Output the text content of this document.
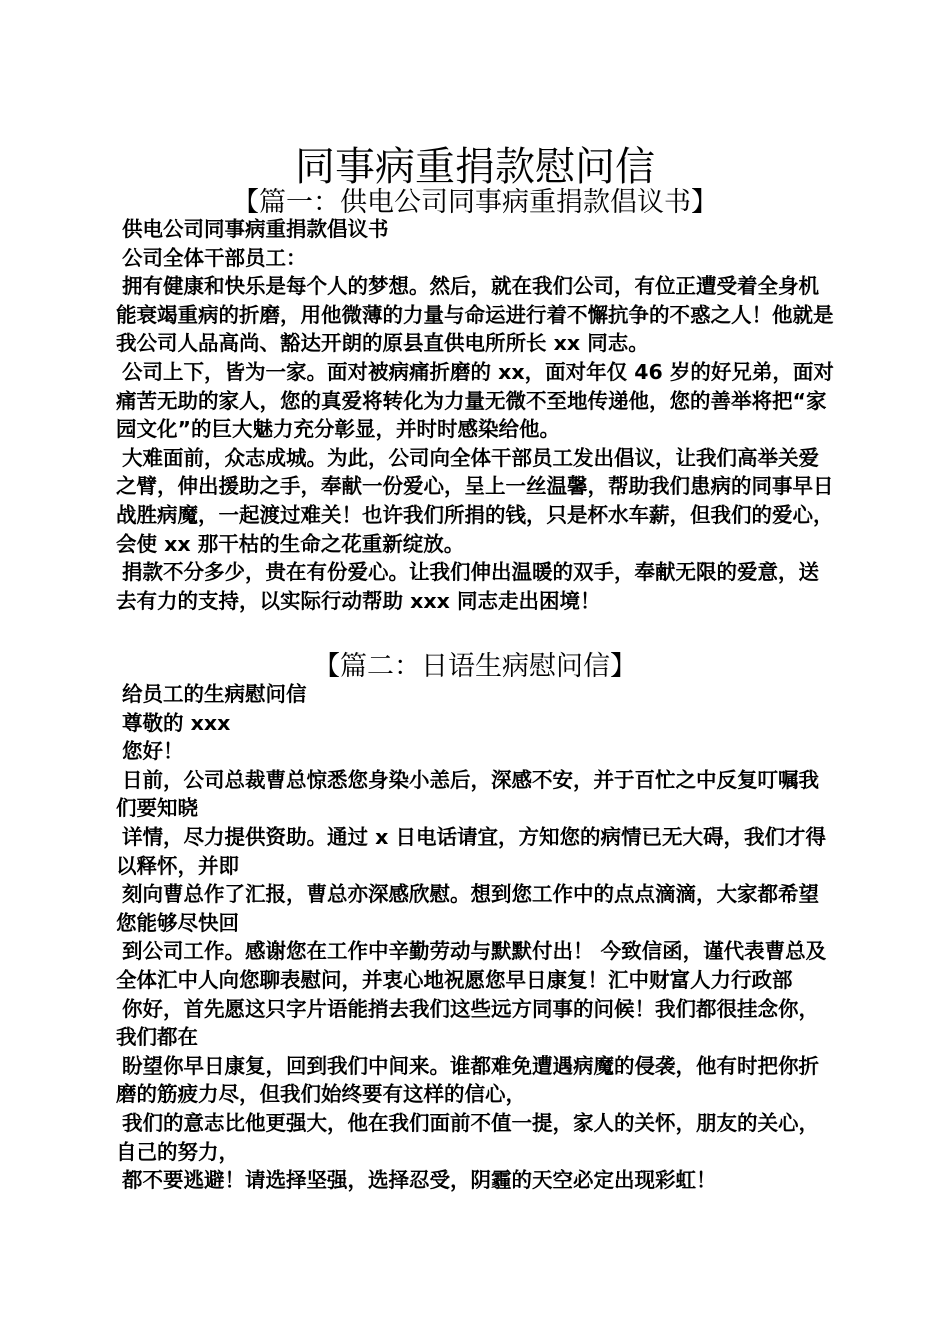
同事病重捐款慰问信
【篇一：供电公司同事病重捐款倡议书】

供电公司同事病重捐款倡议书

公司全体干部员工：

拥有健康和快乐是每个人的梦想。然后，就在我们公司，有位正遭受着全身机能衰竭重病的折磨，用他微薄的力量与命运进行着不懈抗争的不惑之人！他就是我公司人品高尚、豁达开朗的原县直供电所所长 xx 同志。

公司上下，皆为一家。面对被病痛折磨的 xx，面对年仅 46 岁的好兄弟，面对痛苦无助的家人，您的真爱将转化为力量无微不至地传递他，您的善举将把“家园文化”的巨大魅力充分彰显，并时时感染给他。

大难面前，众志成城。为此，公司向全体干部员工发出倡议，让我们高举关爱之臂，伸出援助之手，奉献一份爱心，呈上一丝温馨，帮助我们患病的同事早日战胜病魔，一起渡过难关！也许我们所捐的钱，只是杯水车薪，但我们的爱心，会使 xx 那干枯的生命之花重新绽放。

捐款不分多少，贵在有份爱心。让我们伸出温暖的双手，奉献无限的爱意，送去有力的支持，以实际行动帮助 xxx 同志走出困境！

【篇二：日语生病慰问信】

给员工的生病慰问信

尊敬的 xxx

您好！

日前，公司总裁曹总惊悉您身染小恙后，深感不安，并于百忙之中反复叮嘱我们要知晓

详情，尽力提供资助。通过 x 日电话请宜，方知您的病情已无大碍，我们才得以释怀，并即

刻向曹总作了汇报，曹总亦深感欣慰。想到您工作中的点点滴滴，大家都希望您能够尽快回

到公司工作。感谢您在工作中辛勤劳动与默默付出！ 今致信函，谨代表曹总及全体汇中人向您聊表慰问，并衷心地祝愿您早日康复！汇中财富人力行政部

你好，首先愿这只字片语能捎去我们这些远方同事的问候！我们都很挂念你，我们都在

盼望你早日康复，回到我们中间来。谁都难免遭遇病魔的侵袭，他有时把你折磨的筋疲力尽，但我们始终要有这样的信心，

我们的意志比他更强大，他在我们面前不值一提，家人的关怀，朋友的关心，自己的努力，

都不要逃避！请选择坚强，选择忍受，阴霾的天空必定出现彩虹！
